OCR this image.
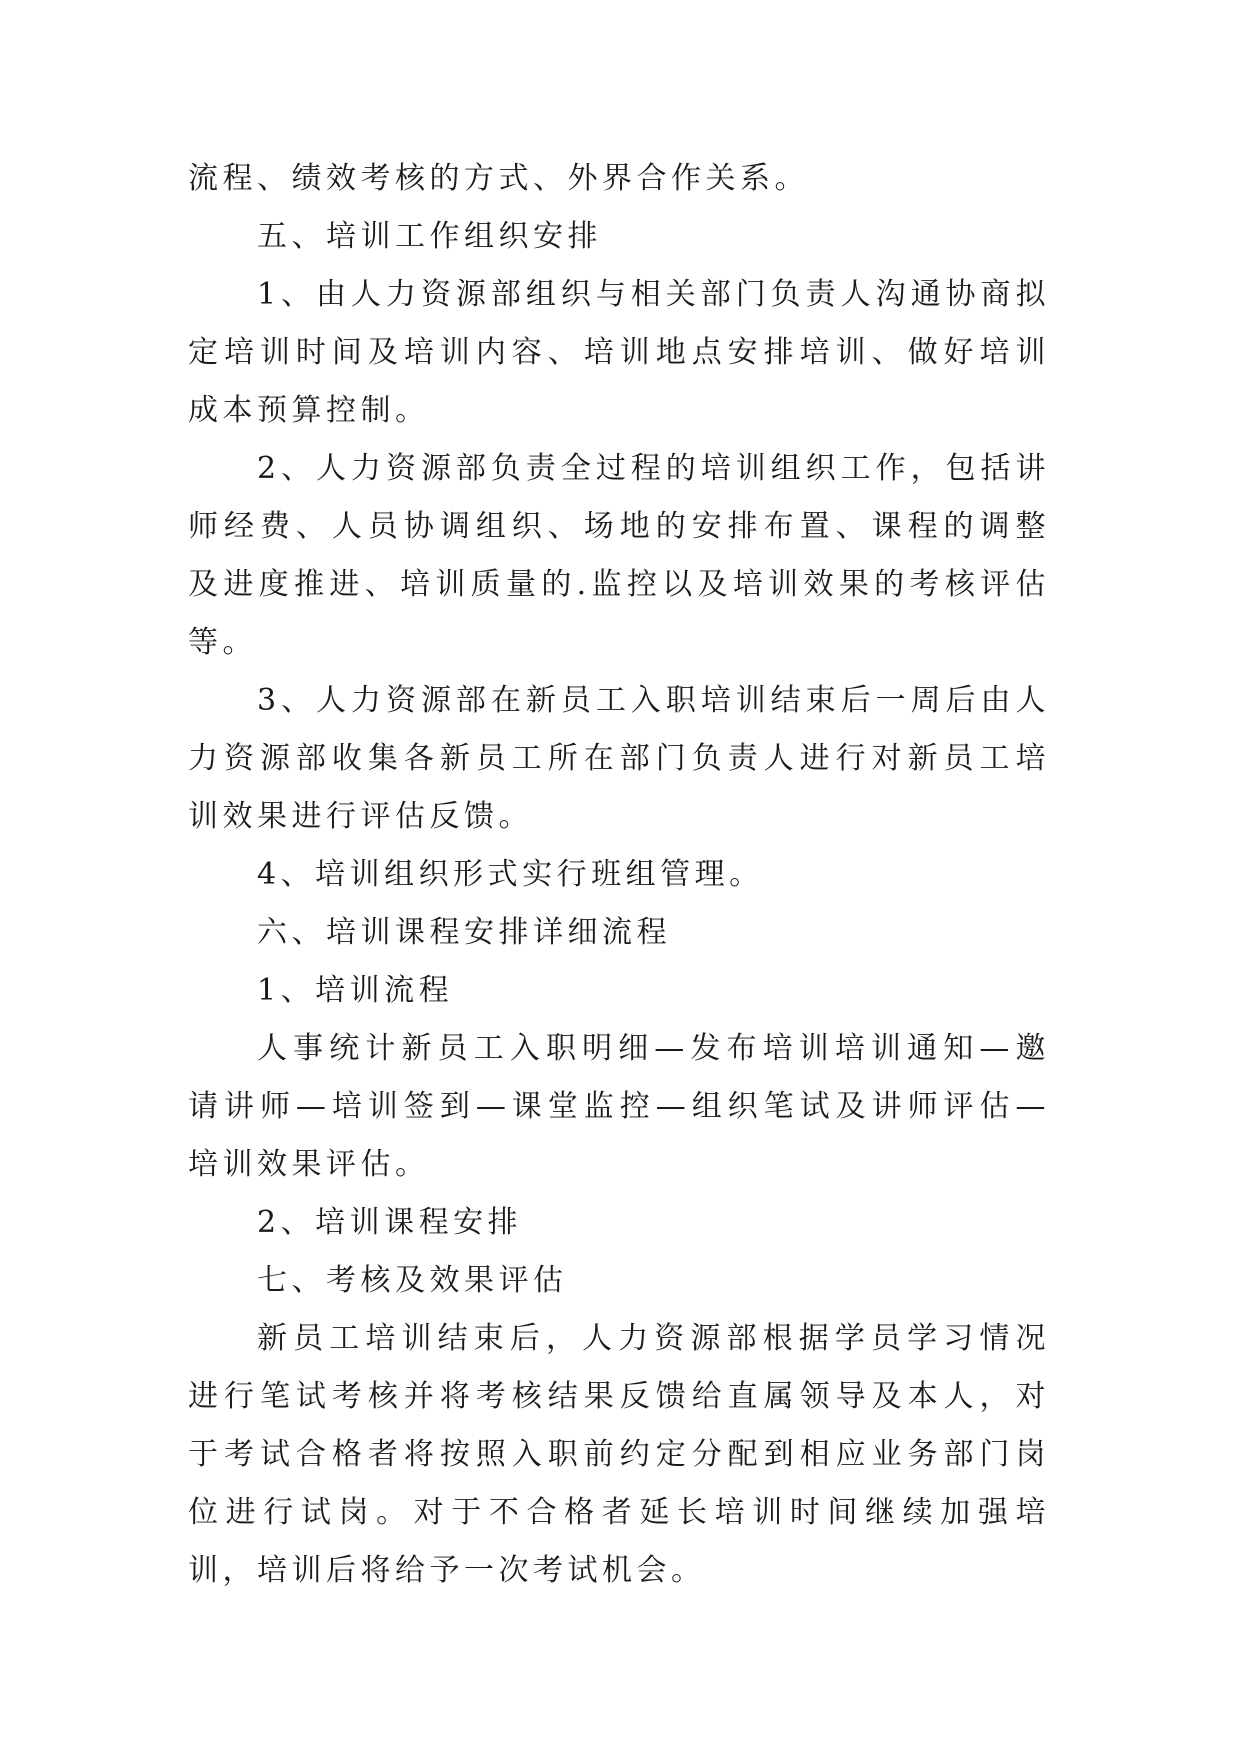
流程、绩效考核的方式、外界合作关系。

五、培训工作组织安排

1、由人力资源部组织与相关部门负责人沟通协商拟定培训时间及培训内容、培训地点安排培训、做好培训成本预算控制。

2、人力资源部负责全过程的培训组织工作，包括讲师经费、人员协调组织、场地的安排布置、课程的调整及进度推进、培训质量的.监控以及培训效果的考核评估等。

3、人力资源部在新员工入职培训结束后一周后由人力资源部收集各新员工所在部门负责人进行对新员工培训效果进行评估反馈。

4、培训组织形式实行班组管理。

六、培训课程安排详细流程

1、培训流程

人事统计新员工入职明细—发布培训培训通知—邀请讲师—培训签到—课堂监控—组织笔试及讲师评估—培训效果评估。

2、培训课程安排

七、考核及效果评估

新员工培训结束后，人力资源部根据学员学习情况进行笔试考核并将考核结果反馈给直属领导及本人，对于考试合格者将按照入职前约定分配到相应业务部门岗位进行试岗。对于不合格者延长培训时间继续加强培训，培训后将给予一次考试机会。
